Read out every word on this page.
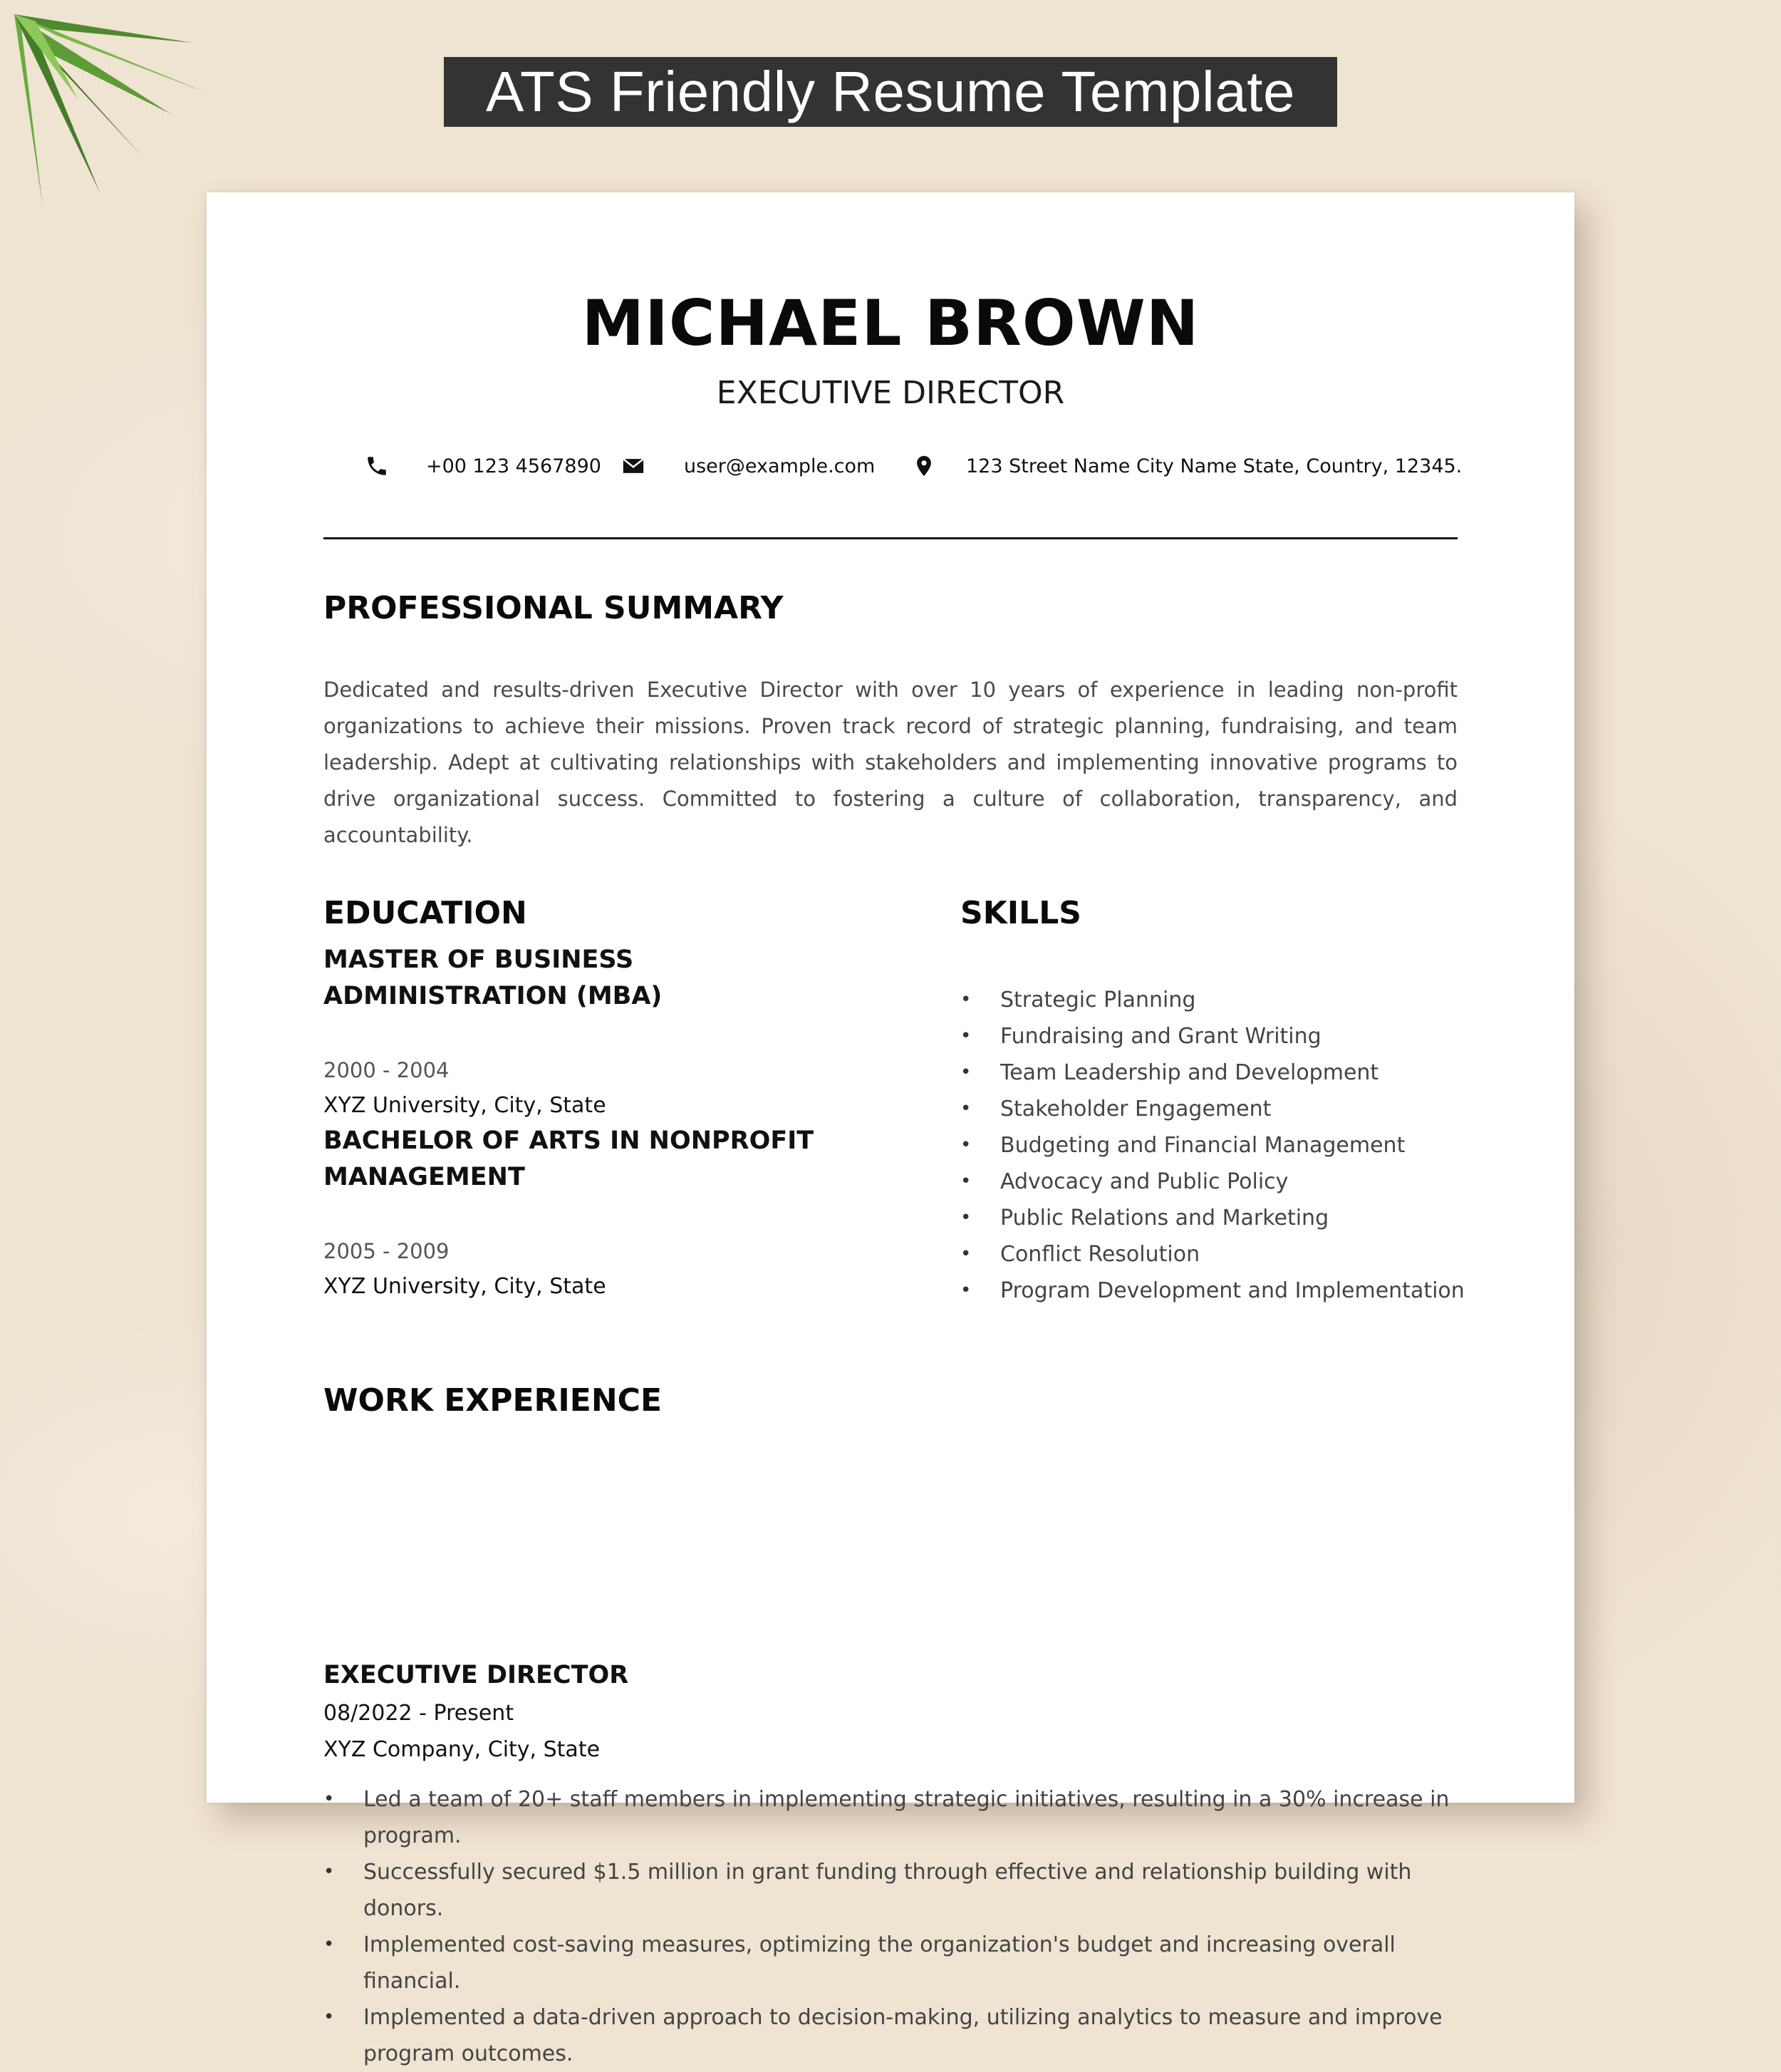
ATS Friendly Resume Template
MICHAEL BROWN
EXECUTIVE DIRECTOR
+00 123 4567890	user@example.com	123 Street Name City Name State, Country, 12345.
PROFESSIONAL SUMMARY
Dedicated and results-driven Executive Director with over 10 years of experience in leading non-profit organizations to achieve their missions. Proven track record of strategic planning, fundraising, and team leadership. Adept at cultivating relationships with stakeholders and implementing innovative programs to drive organizational success. Committed to fostering a culture of collaboration, transparency, and accountability.
EDUCATION
MASTER OF BUSINESS
ADMINISTRATION (MBA)
2000 - 2004
XYZ University, City, State
BACHELOR OF ARTS IN NONPROFIT
MANAGEMENT
2005 - 2009
XYZ University, City, State
SKILLS
• Strategic Planning
• Fundraising and Grant Writing
• Team Leadership and Development
• Stakeholder Engagement
• Budgeting and Financial Management
• Advocacy and Public Policy
• Public Relations and Marketing
• Conflict Resolution
• Program Development and Implementation
WORK EXPERIENCE
EXECUTIVE DIRECTOR
08/2022 - Present
XYZ Company, City, State
• Led a team of 20+ staff members in implementing strategic initiatives, resulting in a 30% increase in program.
• Successfully secured $1.5 million in grant funding through effective and relationship building with donors.
• Implemented cost-saving measures, optimizing the organization's budget and increasing overall financial.
• Implemented a data-driven approach to decision-making, utilizing analytics to measure and improve program outcomes.
